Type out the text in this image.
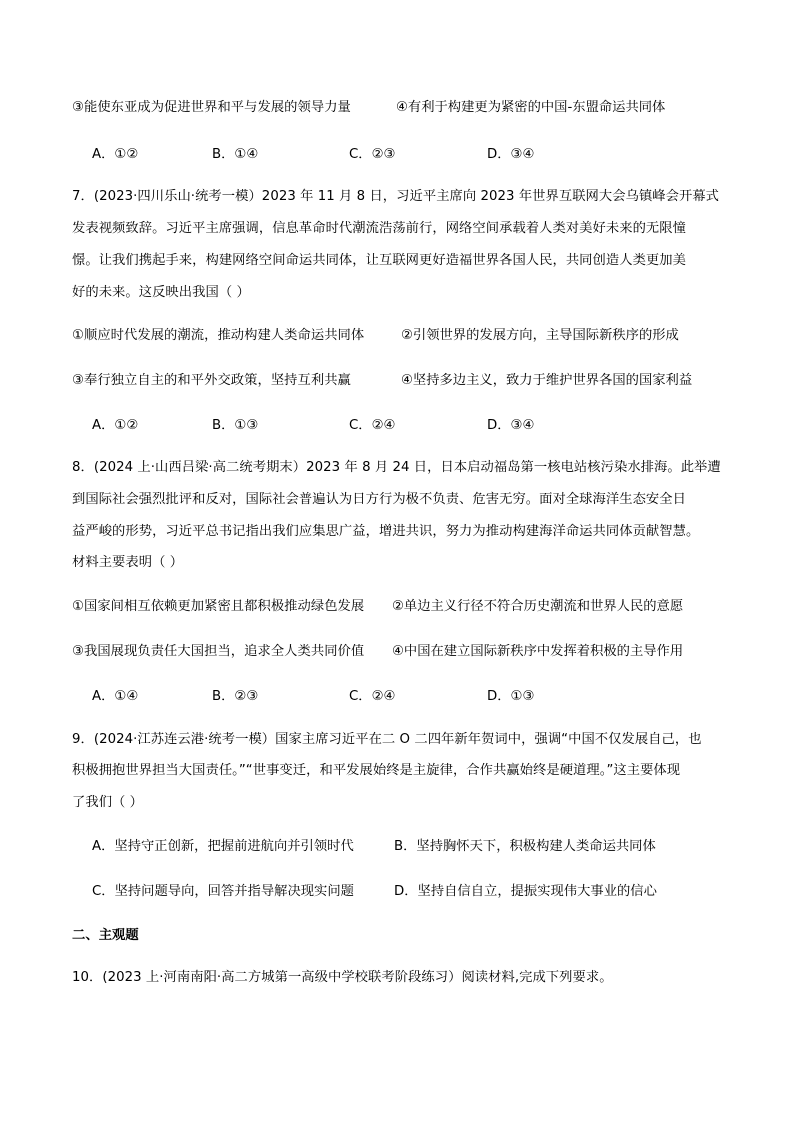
③能使东亚成为促进世界和平与发展的领导力量	④有利于构建更为紧密的中国-东盟命运共同体
A．①②	B．①④	C．②③	D．③④
7．(2023·四川乐山·统考一模）2023 年 11 月 8 日，习近平主席向 2023 年世界互联网大会乌镇峰会开幕式
发表视频致辞。习近平主席强调，信息革命时代潮流浩荡前行，网络空间承载着人类对美好未来的无限憧
憬。让我们携起手来，构建网络空间命运共同体，让互联网更好造福世界各国人民，共同创造人类更加美
好的未来。这反映出我国（ ）
①顺应时代发展的潮流，推动构建人类命运共同体	②引领世界的发展方向，主导国际新秩序的形成
③奉行独立自主的和平外交政策，坚持互利共赢	④坚持多边主义，致力于维护世界各国的国家利益
A．①②	B．①③	C．②④	D．③④
8．(2024 上·山西吕梁·高二统考期末）2023 年 8 月 24 日，日本启动福岛第一核电站核污染水排海。此举遭
到国际社会强烈批评和反对，国际社会普遍认为日方行为极不负责、危害无穷。面对全球海洋生态安全日
益严峻的形势，习近平总书记指出我们应集思广益，增进共识，努力为推动构建海洋命运共同体贡献智慧。
材料主要表明（ ）
①国家间相互依赖更加紧密且都积极推动绿色发展 ②单边主义行径不符合历史潮流和世界人民的意愿
③我国展现负责任大国担当，追求全人类共同价值 ④中国在建立国际新秩序中发挥着积极的主导作用
A．①④	B．②③	C．②④	D．①③
9．(2024·江苏连云港·统考一模）国家主席习近平在二 O 二四年新年贺词中，强调“中国不仅发展自己，也
积极拥抱世界担当大国责任。”“世事变迁，和平发展始终是主旋律，合作共赢始终是硬道理。”这主要体现
了我们（ ）
A．坚持守正创新，把握前进航向并引领时代	B．坚持胸怀天下，积极构建人类命运共同体
C．坚持问题导向，回答并指导解决现实问题	D．坚持自信自立，提振实现伟大事业的信心
二、主观题
10．(2023 上·河南南阳·高二方城第一高级中学校联考阶段练习）阅读材料,完成下列要求。
